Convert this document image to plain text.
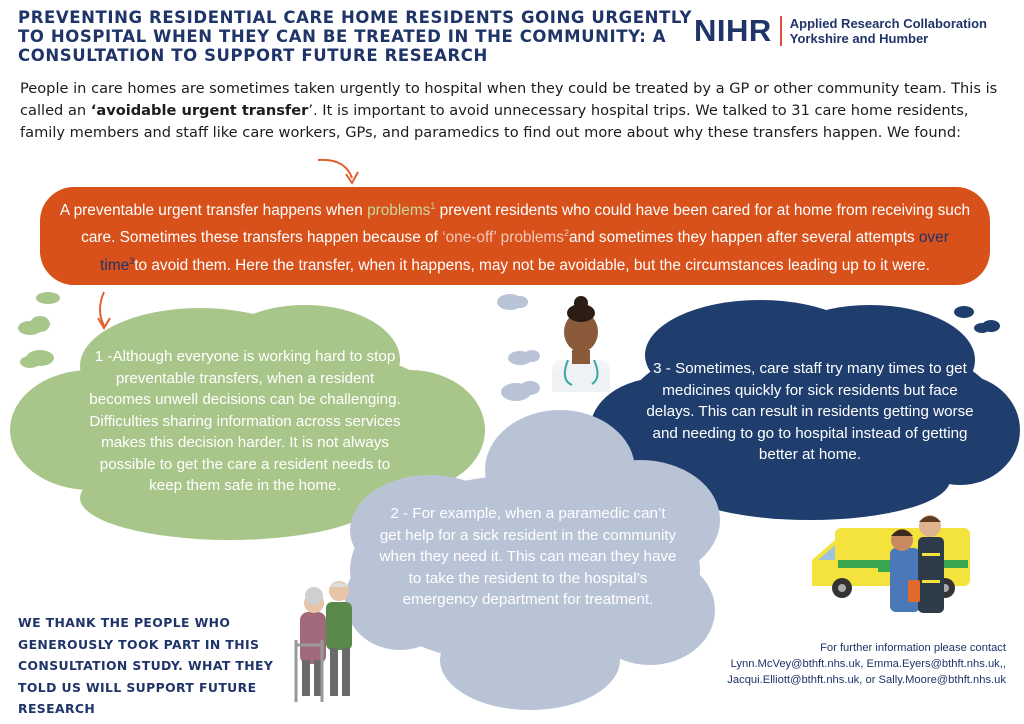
PREVENTING RESIDENTIAL CARE HOME RESIDENTS GOING URGENTLY TO HOSPITAL WHEN THEY CAN BE TREATED IN THE COMMUNITY: A CONSULTATION TO SUPPORT FUTURE RESEARCH
NIHR Applied Research Collaboration
Yorkshire and Humber
People in care homes are sometimes taken urgently to hospital when they could be treated by a GP or other community team. This is called an ‘avoidable urgent transfer’. It is important to avoid unnecessary hospital trips. We talked to 31 care home residents, family members and staff like care workers, GPs, and paramedics to find out more about why these transfers happen. We found:
A preventable urgent transfer happens when problems$^1$ prevent residents who could have been cared for at home from receiving such care. Sometimes these transfers happen because of ‘one-off’ problems$^2$and sometimes they happen after several attempts over time$^3$to avoid them. Here the transfer, when it happens, may not be avoidable, but the circumstances leading up to it were.
1 -Although everyone is working hard to stop preventable transfers, when a resident becomes unwell decisions can be challenging. Difficulties sharing information across services makes this decision harder. It is not always possible to get the care a resident needs to keep them safe in the home.
2 - For example, when a paramedic can’t get help for a sick resident in the community when they need it. This can mean they have to take the resident to the hospital’s emergency department for treatment.
3 - Sometimes, care staff try many times to get medicines quickly for sick residents but face delays. This can result in residents getting worse and needing to go to hospital instead of getting better at home.
WE THANK THE PEOPLE WHO GENEROUSLY TOOK PART IN THIS CONSULTATION STUDY. WHAT THEY TOLD US WILL SUPPORT FUTURE RESEARCH
For further information please contact
Lynn.McVey@bthft.nhs.uk, Emma.Eyers@bthft.nhs.uk,,
Jacqui.Elliott@bthft.nhs.uk, or Sally.Moore@bthft.nhs.uk
